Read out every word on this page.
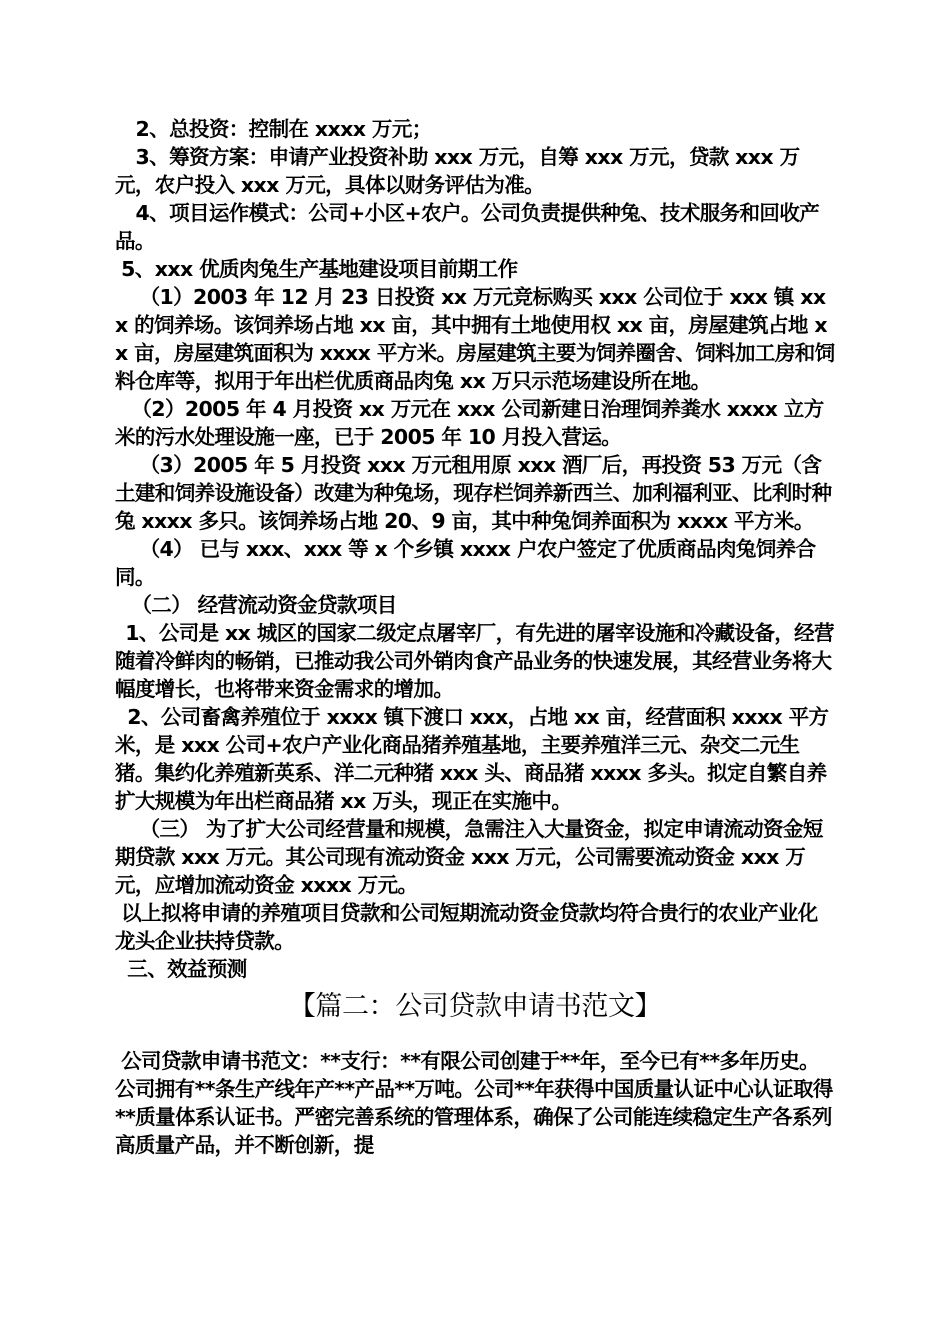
2、总投资：控制在 xxxx 万元；

3、筹资方案：申请产业投资补助 xxx 万元，自筹 xxx 万元，贷款 xxx 万元，农户投入 xxx 万元，具体以财务评估为准。

4、项目运作模式：公司+小区+农户。公司负责提供种兔、技术服务和回收产品。

5、xxx 优质肉兔生产基地建设项目前期工作

（1）2003 年 12 月 23 日投资 xx 万元竞标购买 xxx 公司位于 xxx 镇 xxx 的饲养场。该饲养场占地 xx 亩，其中拥有土地使用权 xx 亩，房屋建筑占地 xx 亩，房屋建筑面积为 xxxx 平方米。房屋建筑主要为饲养圈舍、饲料加工房和饲料仓库等，拟用于年出栏优质商品肉兔 xx 万只示范场建设所在地。

（2）2005 年 4 月投资 xx 万元在 xxx 公司新建日治理饲养粪水 xxxx 立方米的污水处理设施一座，已于 2005 年 10 月投入营运。

（3）2005 年 5 月投资 xxx 万元租用原 xxx 酒厂后，再投资 53 万元（含土建和饲养设施设备）改建为种兔场，现存栏饲养新西兰、加利福利亚、比利时种兔 xxxx 多只。该饲养场占地 20、9 亩，其中种兔饲养面积为 xxxx 平方米。

（4） 已与 xxx、xxx 等 x 个乡镇 xxxx 户农户签定了优质商品肉兔饲养合同。

（二） 经营流动资金贷款项目

1、公司是 xx 城区的国家二级定点屠宰厂，有先进的屠宰设施和冷藏设备，经营随着冷鲜肉的畅销，已推动我公司外销肉食产品业务的快速发展，其经营业务将大幅度增长，也将带来资金需求的增加。

2、公司畜禽养殖位于 xxxx 镇下渡口 xxx，占地 xx 亩，经营面积 xxxx 平方米，是 xxx 公司+农户产业化商品猪养殖基地，主要养殖洋三元、杂交二元生猪。集约化养殖新英系、洋二元种猪 xxx 头、商品猪 xxxx 多头。拟定自繁自养扩大规模为年出栏商品猪 xx 万头，现正在实施中。

（三） 为了扩大公司经营量和规模，急需注入大量资金，拟定申请流动资金短期贷款 xxx 万元。其公司现有流动资金 xxx 万元，公司需要流动资金 xxx 万元，应增加流动资金 xxxx 万元。

以上拟将申请的养殖项目贷款和公司短期流动资金贷款均符合贵行的农业产业化龙头企业扶持贷款。

三、效益预测

【篇二：公司贷款申请书范文】

公司贷款申请书范文：**支行：**有限公司创建于**年，至今已有**多年历史。公司拥有**条生产线年产**产品**万吨。公司**年获得中国质量认证中心认证取得**质量体系认证书。严密完善系统的管理体系，确保了公司能连续稳定生产各系列高质量产品，并不断创新，提
